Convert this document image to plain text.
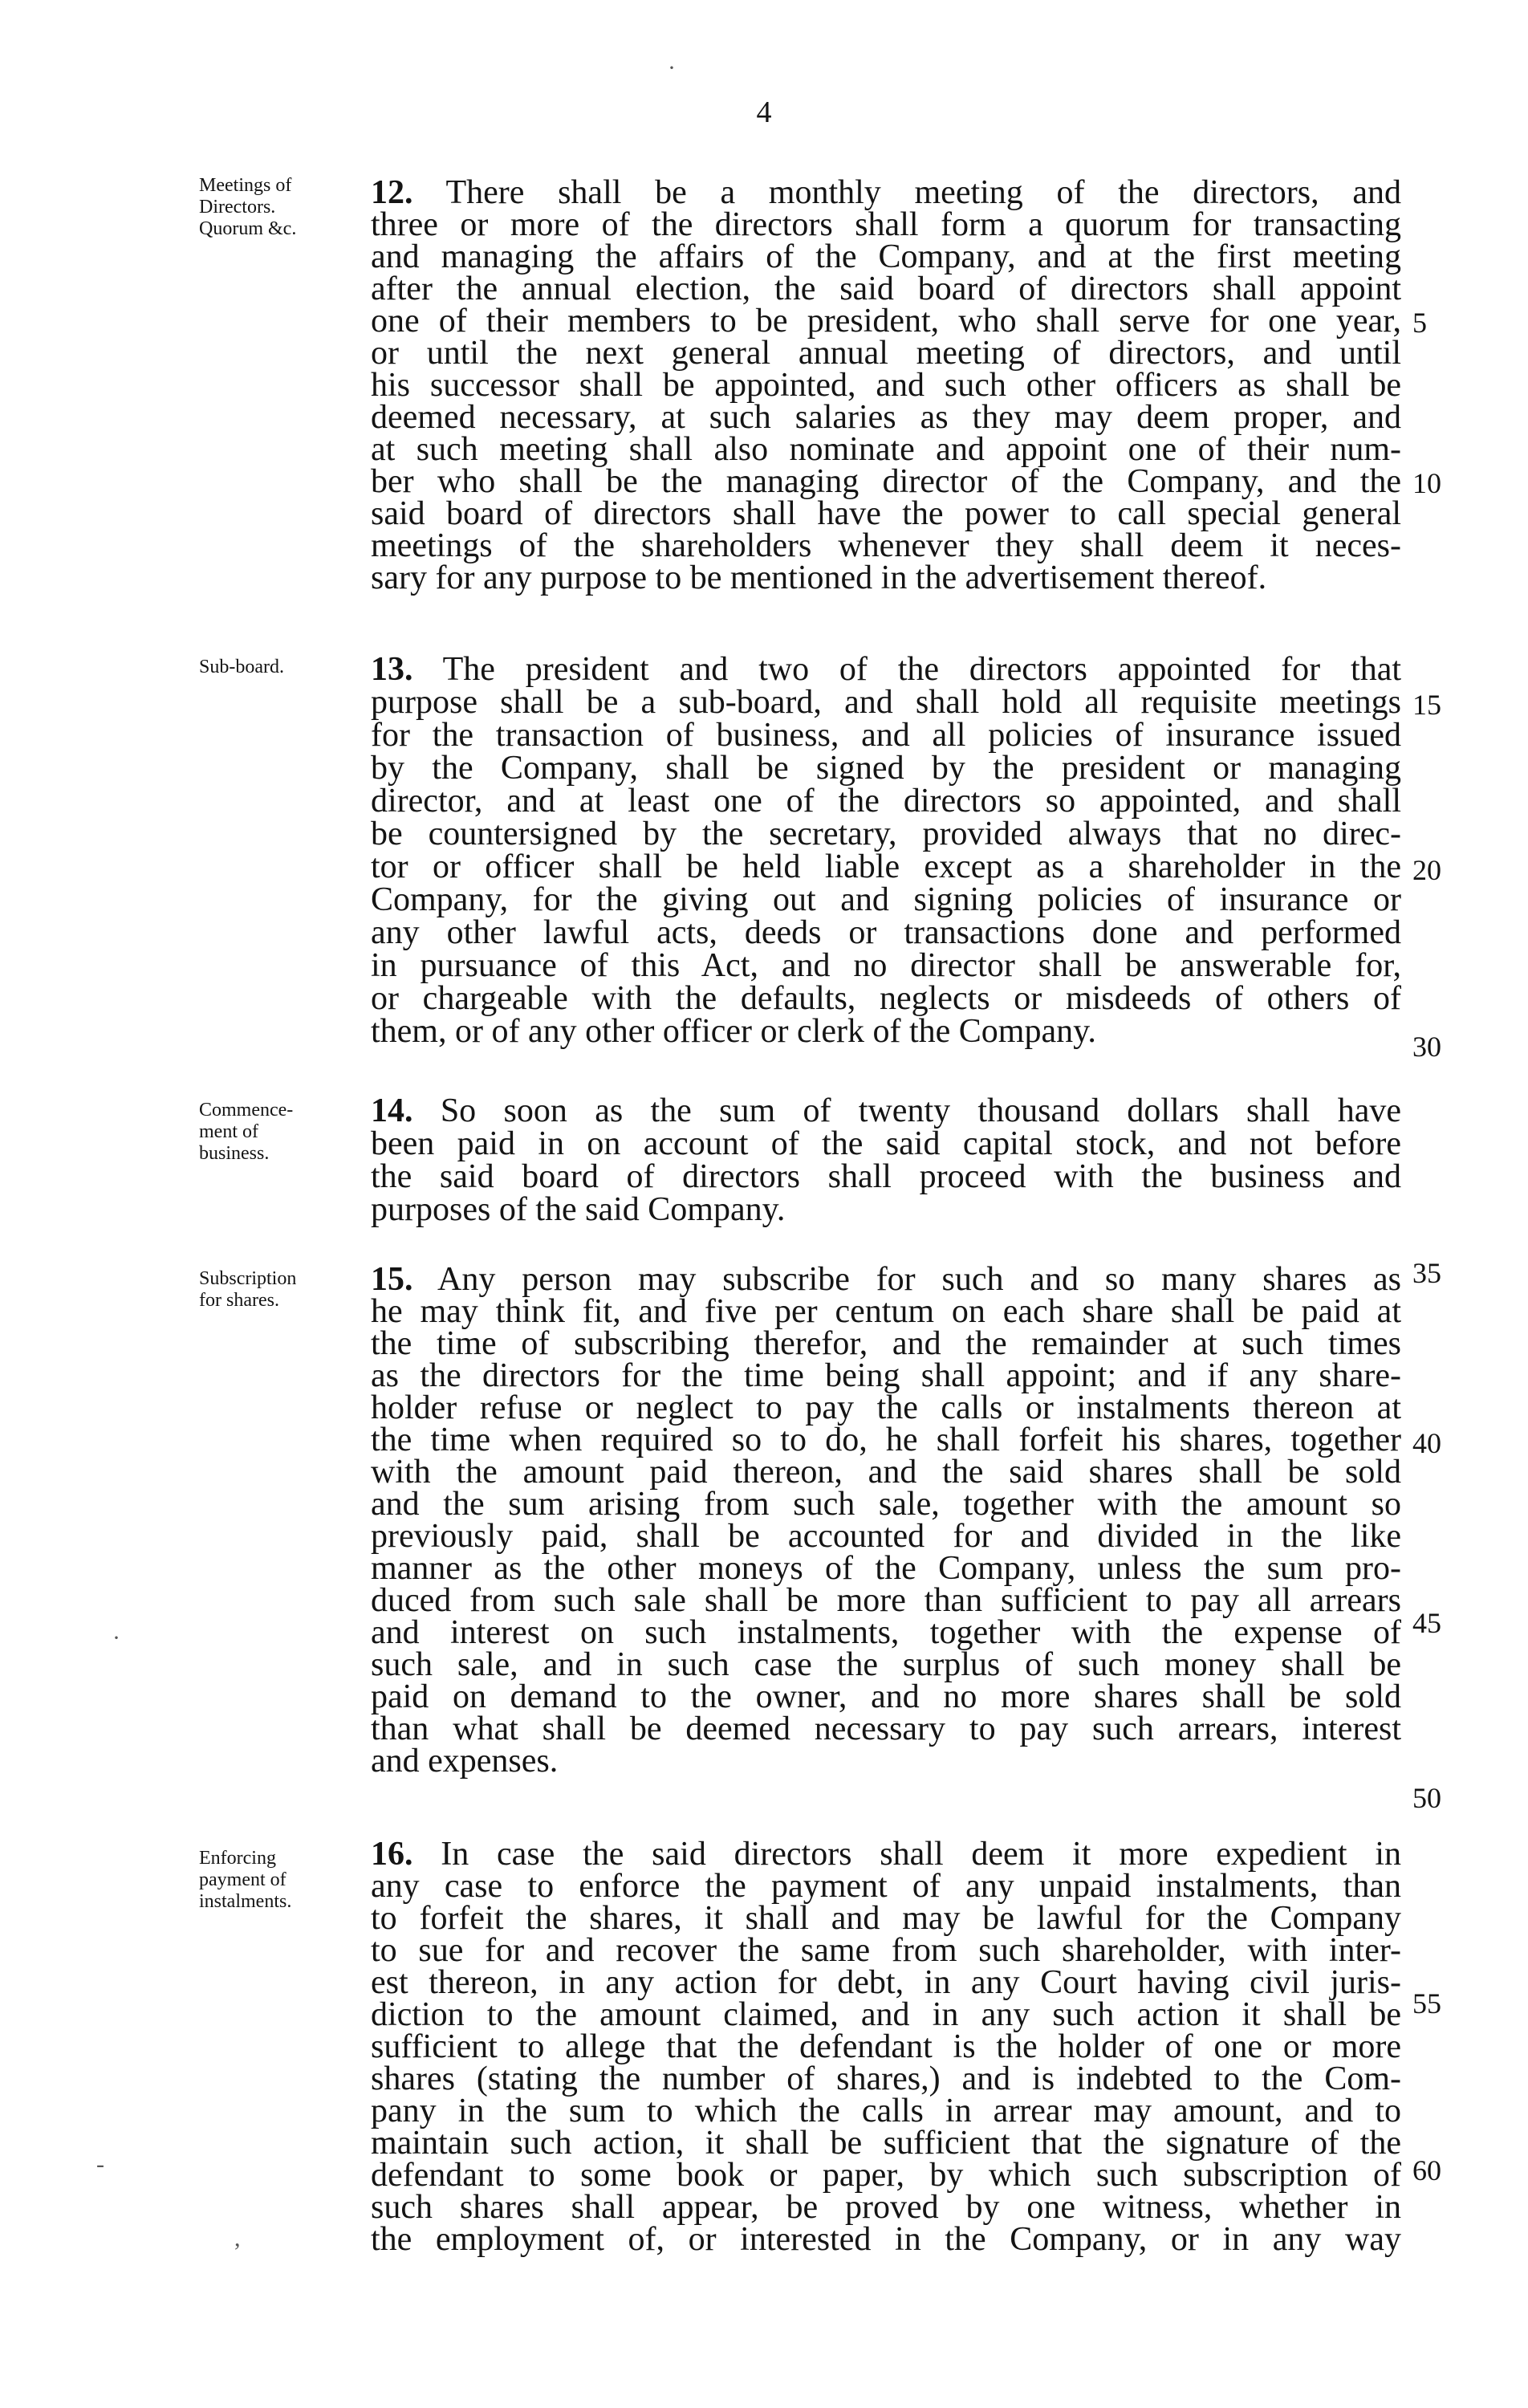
4
Meetings of
Directors.
Quorum &c.
12. There shall be a monthly meeting of the directors, and
three or more of the directors shall form a quorum for transacting
and managing the affairs of the Company, and at the first meeting
after the annual election, the said board of directors shall appoint
one of their members to be president, who shall serve for one year,
or until the next general annual meeting of directors, and until
his successor shall be appointed, and such other officers as shall be
deemed necessary, at such salaries as they may deem proper, and
at such meeting shall also nominate and appoint one of their num-
ber who shall be the managing director of the Company, and the
said board of directors shall have the power to call special general
meetings of the shareholders whenever they shall deem it neces-
sary for any purpose to be mentioned in the advertisement thereof.
Sub-board.	13. The president and two of the directors appointed for that
purpose shall be a sub-board, and shall hold all requisite meetings
for the transaction of business, and all policies of insurance issued
by the Company, shall be signed by the president or managing
director, and at least one of the directors so appointed, and shall
be countersigned by the secretary, provided always that no direc-
tor or officer shall be held liable except as a shareholder in the
Company, for the giving out and signing policies of insurance or
any other lawful acts, deeds or transactions done and performed
in pursuance of this Act, and no director shall be answerable for,
or chargeable with the defaults, neglects or misdeeds of others of
them, or of any other officer or clerk of the Company.
Commence-
ment of
business.
14. So soon as the sum of twenty thousand dollars shall have
been paid in on account of the said capital stock, and not before
the said board of directors shall proceed with the business and
purposes of the said Company.
Subscription
for shares.
15. Any person may subscribe for such and so many shares as
he may think fit, and five per centum on each share shall be paid at
the time of subscribing therefor, and the remainder at such times
as the directors for the time being shall appoint; and if any share-
holder refuse or neglect to pay the calls or instalments thereon at
the time when required so to do, he shall forfeit his shares, together
with the amount paid thereon, and the said shares shall be sold
and the sum arising from such sale, together with the amount so
previously paid, shall be accounted for and divided in the like
manner as the other moneys of the Company, unless the sum pro-
duced from such sale shall be more than sufficient to pay all arrears
and interest on such instalments, together with the expense of
such sale, and in such case the surplus of such money shall be
paid on demand to the owner, and no more shares shall be sold
than what shall be deemed necessary to pay such arrears, interest
and expenses.
Enforcing
payment of
instalments.
16. In case the said directors shall deem it more expedient in
any case to enforce the payment of any unpaid instalments, than
to forfeit the shares, it shall and may be lawful for the Company
to sue for and recover the same from such shareholder, with inter-
est thereon, in any action for debt, in any Court having civil juris-
diction to the amount claimed, and in any such action it shall be
sufficient to allege that the defendant is the holder of one or more
shares (stating the number of shares,) and is indebted to the Com-
pany in the sum to which the calls in arrear may amount, and to
maintain such action, it shall be sufficient that the signature of the
defendant to some book or paper, by which such subscription of
such shares shall appear, be proved by one witness, whether in
the employment of, or interested in the Company, or in any way
5
10
15
20
30
35
40
45
50
55
60
·
·
-
,
